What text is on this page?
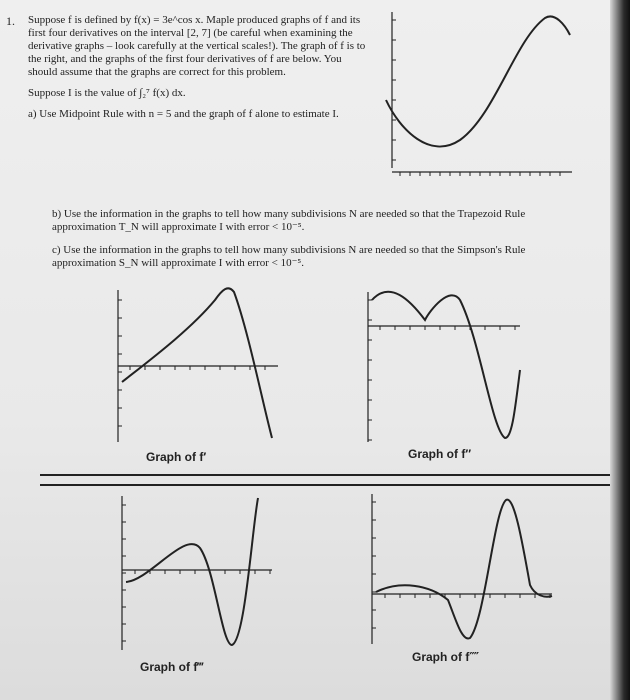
1. Suppose f is defined by f(x) = 3e^cos x. Maple produced graphs of f and its first four derivatives on the interval [2, 7] (be careful when examining the derivative graphs – look carefully at the vertical scales!). The graph of f is to the right, and the graphs of the first four derivatives of f are below. You should assume that the graphs are correct for this problem.

Suppose I is the value of ∫₂⁷ f(x) dx.

a) Use Midpoint Rule with n = 5 and the graph of f alone to estimate I.

b) Use the information in the graphs to tell how many subdivisions N are needed so that the Trapezoid Rule approximation T_N will approximate I with error < 10⁻⁵.
c) Use the information in the graphs to tell how many subdivisions N are needed so that the Simpson's Rule approximation S_N will approximate I with error < 10⁻⁵.
Graph of f′	Graph of f″
Graph of f‴
Graph of f⁗
